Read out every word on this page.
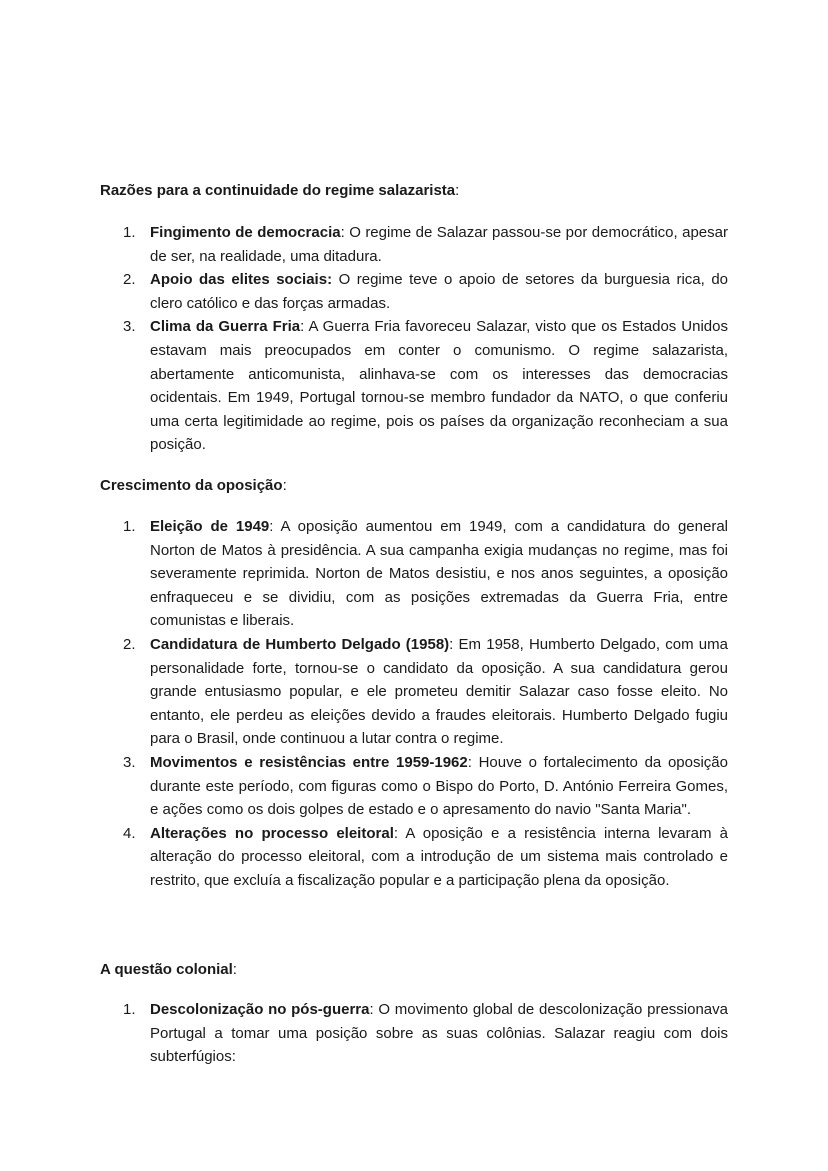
Razões para a continuidade do regime salazarista:

1. Fingimento de democracia: O regime de Salazar passou-se por democrático, apesar de ser, na realidade, uma ditadura.
2. Apoio das elites sociais: O regime teve o apoio de setores da burguesia rica, do clero católico e das forças armadas.
3. Clima da Guerra Fria: A Guerra Fria favoreceu Salazar, visto que os Estados Unidos estavam mais preocupados em conter o comunismo. O regime salazarista, abertamente anticomunista, alinhava-se com os interesses das democracias ocidentais. Em 1949, Portugal tornou-se membro fundador da NATO, o que conferiu uma certa legitimidade ao regime, pois os países da organização reconheciam a sua posição.

Crescimento da oposição:

1. Eleição de 1949: A oposição aumentou em 1949, com a candidatura do general Norton de Matos à presidência. A sua campanha exigia mudanças no regime, mas foi severamente reprimida. Norton de Matos desistiu, e nos anos seguintes, a oposição enfraqueceu e se dividiu, com as posições extremadas da Guerra Fria, entre comunistas e liberais.
2. Candidatura de Humberto Delgado (1958): Em 1958, Humberto Delgado, com uma personalidade forte, tornou-se o candidato da oposição. A sua candidatura gerou grande entusiasmo popular, e ele prometeu demitir Salazar caso fosse eleito. No entanto, ele perdeu as eleições devido a fraudes eleitorais. Humberto Delgado fugiu para o Brasil, onde continuou a lutar contra o regime.
3. Movimentos e resistências entre 1959-1962: Houve o fortalecimento da oposição durante este período, com figuras como o Bispo do Porto, D. António Ferreira Gomes, e ações como os dois golpes de estado e o apresamento do navio "Santa Maria".
4. Alterações no processo eleitoral: A oposição e a resistência interna levaram à alteração do processo eleitoral, com a introdução de um sistema mais controlado e restrito, que excluía a fiscalização popular e a participação plena da oposição.

A questão colonial:

1. Descolonização no pós-guerra: O movimento global de descolonização pressionava Portugal a tomar uma posição sobre as suas colônias. Salazar reagiu com dois subterfúgios:
